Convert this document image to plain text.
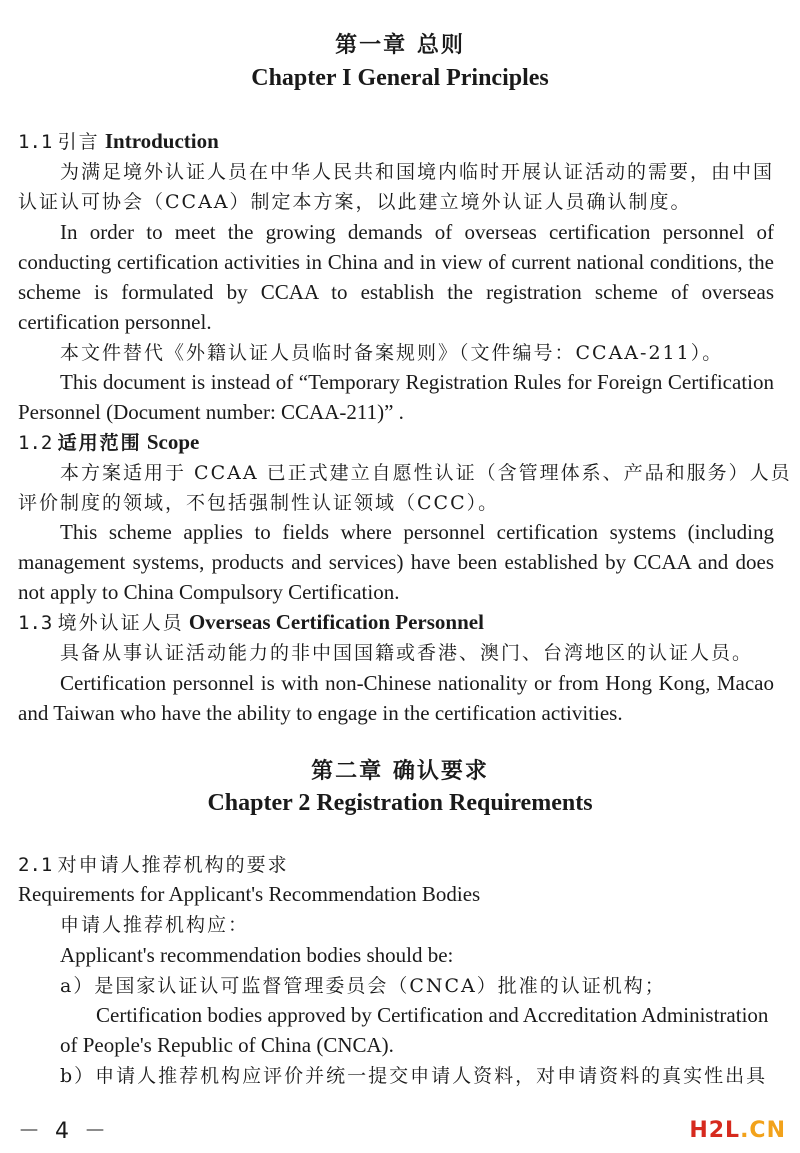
第一章 总则
Chapter I General Principles
1.1 引言 Introduction
为满足境外认证人员在中华人民共和国境内临时开展认证活动的需要，由中国
认证认可协会（CCAA）制定本方案，以此建立境外认证人员确认制度。
In order to meet the growing demands of overseas certification personnel of
conducting certification activities in China and in view of current national conditions, the
scheme is formulated by CCAA to establish the registration scheme of overseas
certification personnel.
本文件替代《外籍认证人员临时备案规则》（文件编号：CCAA-211）。
This document is instead of “Temporary Registration Rules for Foreign Certification
Personnel (Document number: CCAA-211)” .
1.2 适用范围 Scope
本方案适用于 CCAA 已正式建立自愿性认证（含管理体系、产品和服务）人员
评价制度的领域，不包括强制性认证领域（CCC）。
This scheme applies to fields where personnel certification systems (including
management systems, products and services) have been established by CCAA and does
not apply to China Compulsory Certification.
1.3 境外认证人员 Overseas Certification Personnel
具备从事认证活动能力的非中国国籍或香港、澳门、台湾地区的认证人员。
Certification personnel is with non-Chinese nationality or from Hong Kong, Macao
and Taiwan who have the ability to engage in the certification activities.
第二章 确认要求
Chapter 2 Registration Requirements
2.1 对申请人推荐机构的要求
Requirements for Applicant's Recommendation Bodies
申请人推荐机构应：
Applicant's recommendation bodies should be:
a）是国家认证认可监督管理委员会（CNCA）批准的认证机构；
Certification bodies approved by Certification and Accreditation Administration
of People's Republic of China (CNCA).
b）申请人推荐机构应评价并统一提交申请人资料，对申请资料的真实性出具
－ 4 －	H2L.CN
